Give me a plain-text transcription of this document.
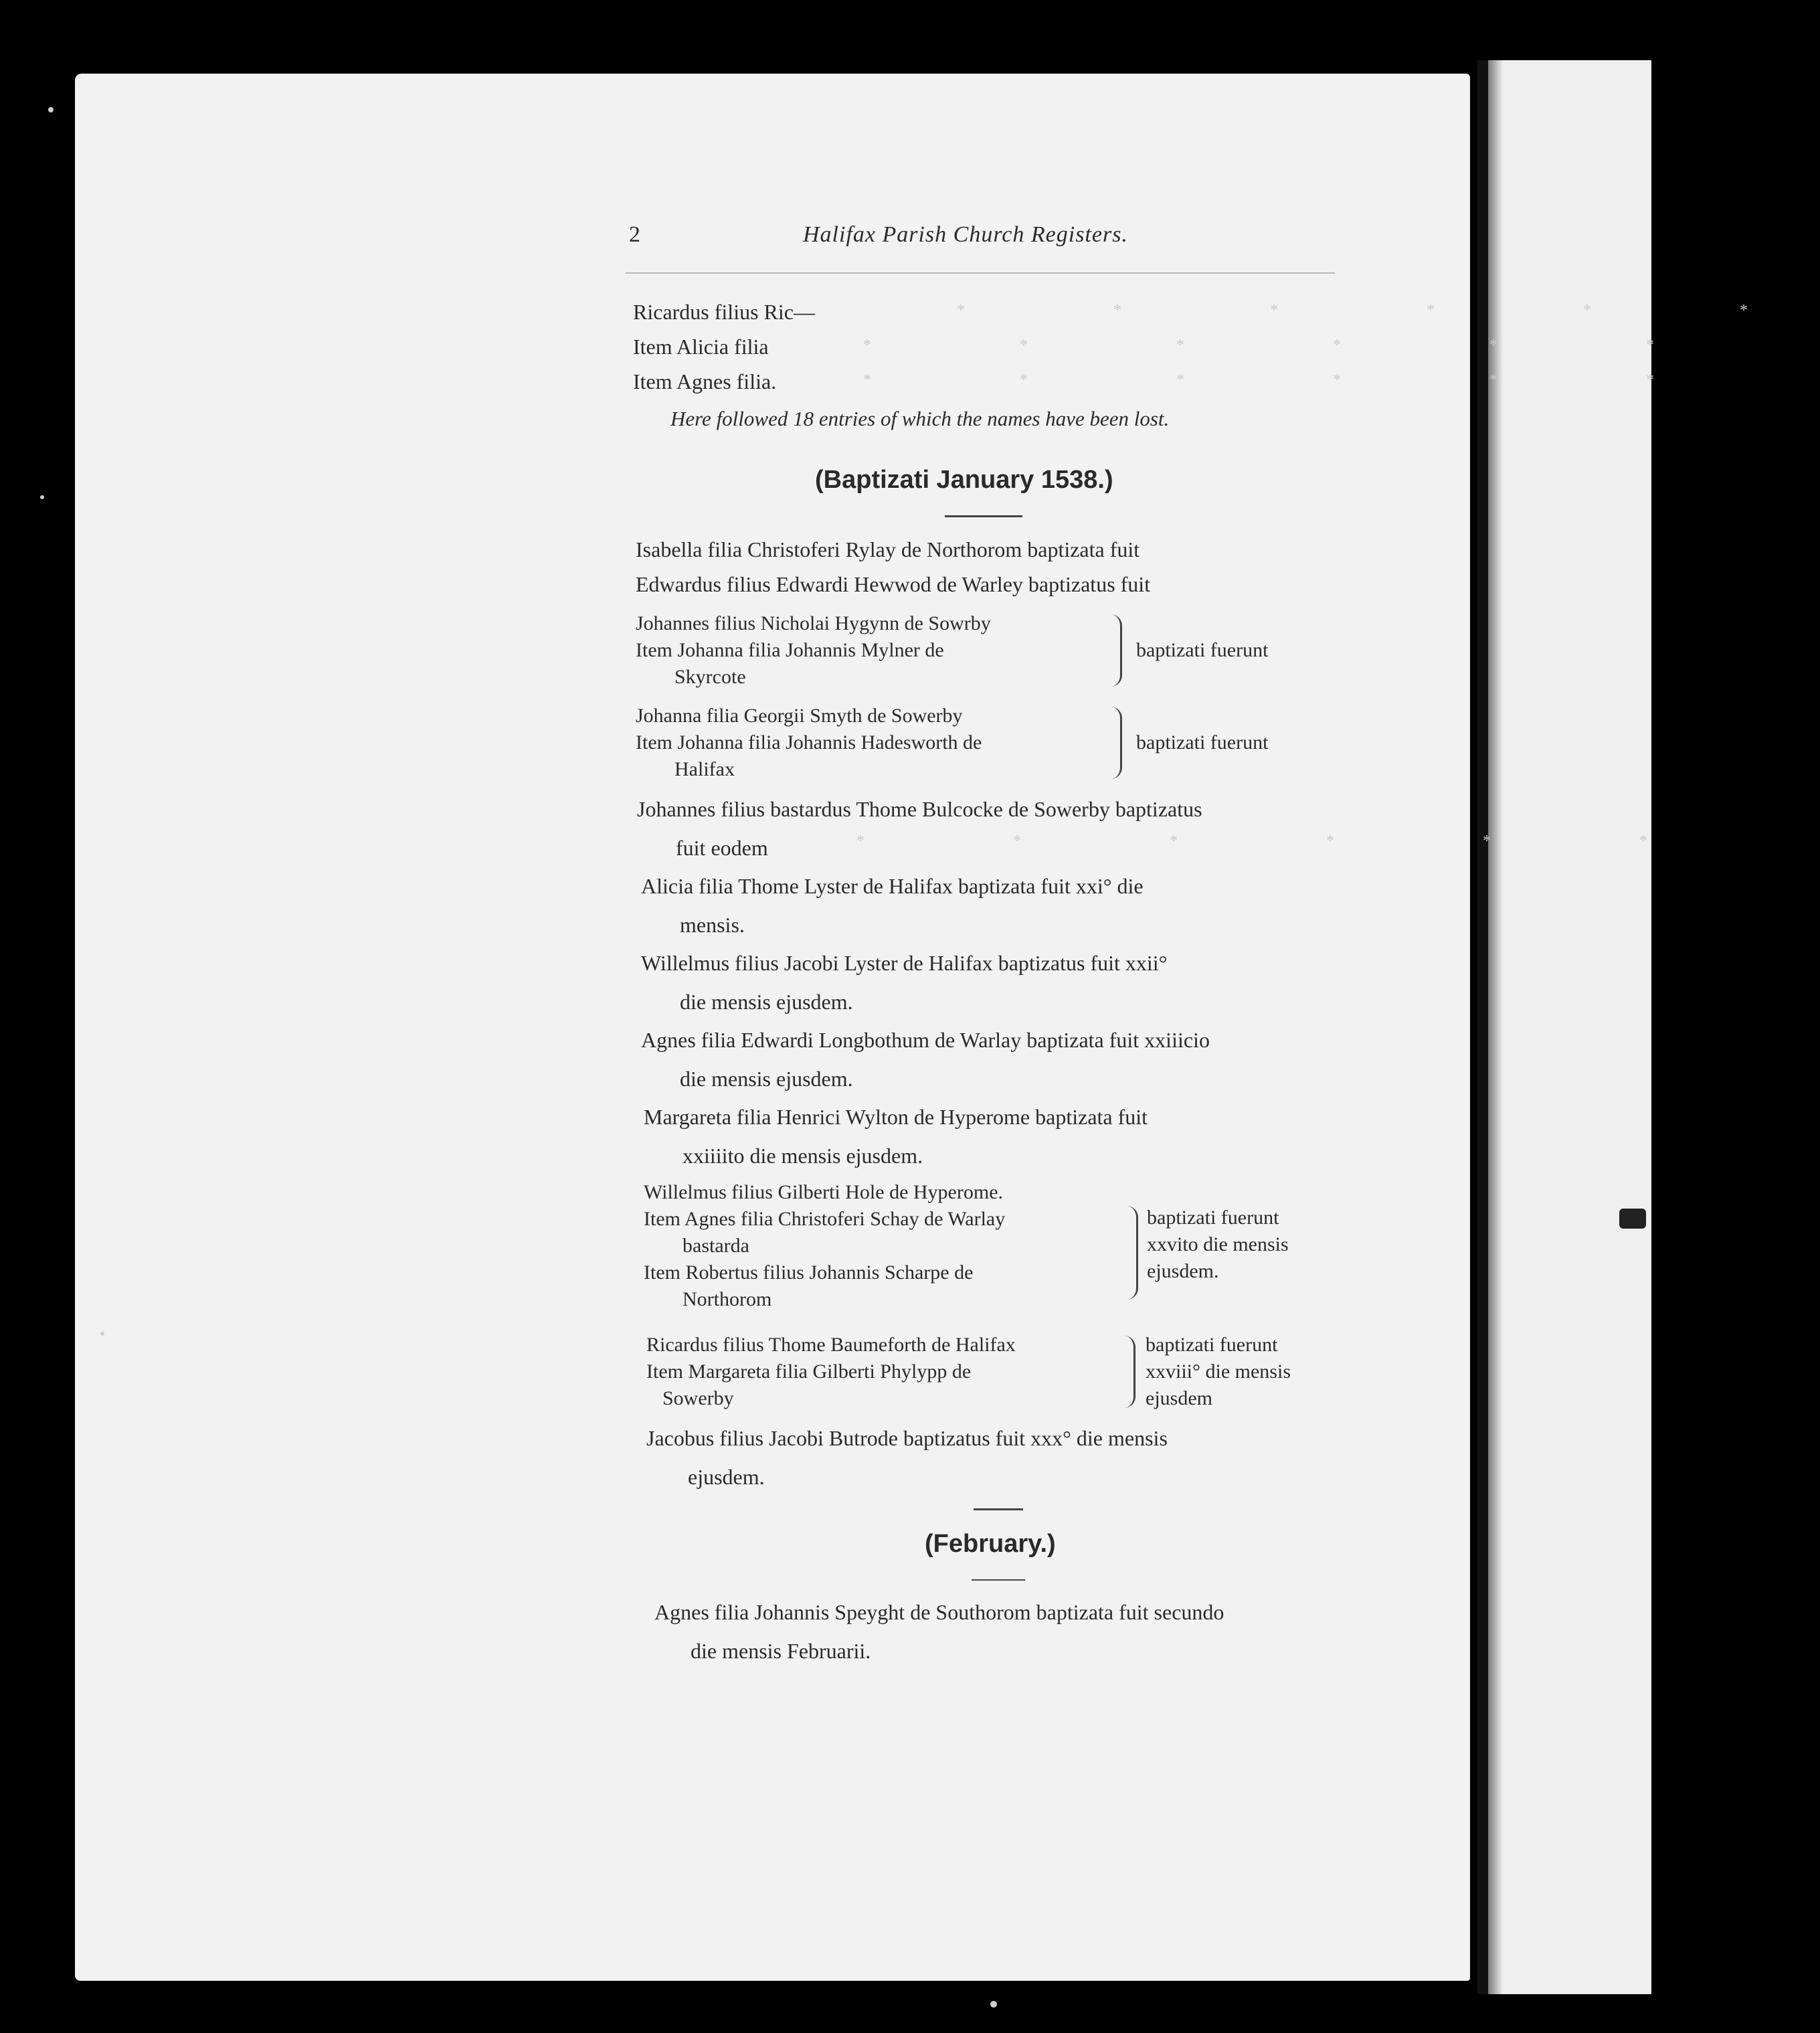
2	Halifax Parish Church Registers.
Ricardus filius Ric—	* * * * * *
Item Alicia filia	* * * * * *
Item Agnes filia.	* * * * * *
Here followed 18 entries of which the names have been lost.
(Baptizati January 1538.)
Isabella filia Christoferi Rylay de Northorom baptizata fuit
Edwardus filius Edwardi Hewwod de Warley baptizatus fuit
Johannes filius Nicholai Hygynn de Sowrby
Item Johanna filia Johannis Mylner de
Skyrcote
baptizati fuerunt
Johanna filia Georgii Smyth de Sowerby
Item Johanna filia Johannis Hadesworth de
Halifax
baptizati fuerunt
Johannes filius bastardus Thome Bulcocke de Sowerby baptizatus
fuit eodem	* * * * * *
Alicia filia Thome Lyster de Halifax baptizata fuit xxi° die
mensis.
Willelmus filius Jacobi Lyster de Halifax baptizatus fuit xxii°
die mensis ejusdem.
Agnes filia Edwardi Longbothum de Warlay baptizata fuit xxiiicio
die mensis ejusdem.
Margareta filia Henrici Wylton de Hyperome baptizata fuit
xxiiiito die mensis ejusdem.
Willelmus filius Gilberti Hole de Hyperome.
Item Agnes filia Christoferi Schay de Warlay
bastarda
Item Robertus filius Johannis Scharpe de
Northorom
baptizati fuerunt
xxvito die mensis
ejusdem.
Ricardus filius Thome Baumeforth de Halifax
Item Margareta filia Gilberti Phylypp de
Sowerby
baptizati fuerunt
xxviii° die mensis
ejusdem
Jacobus filius Jacobi Butrode baptizatus fuit xxx° die mensis
ejusdem.
(February.)
Agnes filia Johannis Speyght de Southorom baptizata fuit secundo
die mensis Februarii.
